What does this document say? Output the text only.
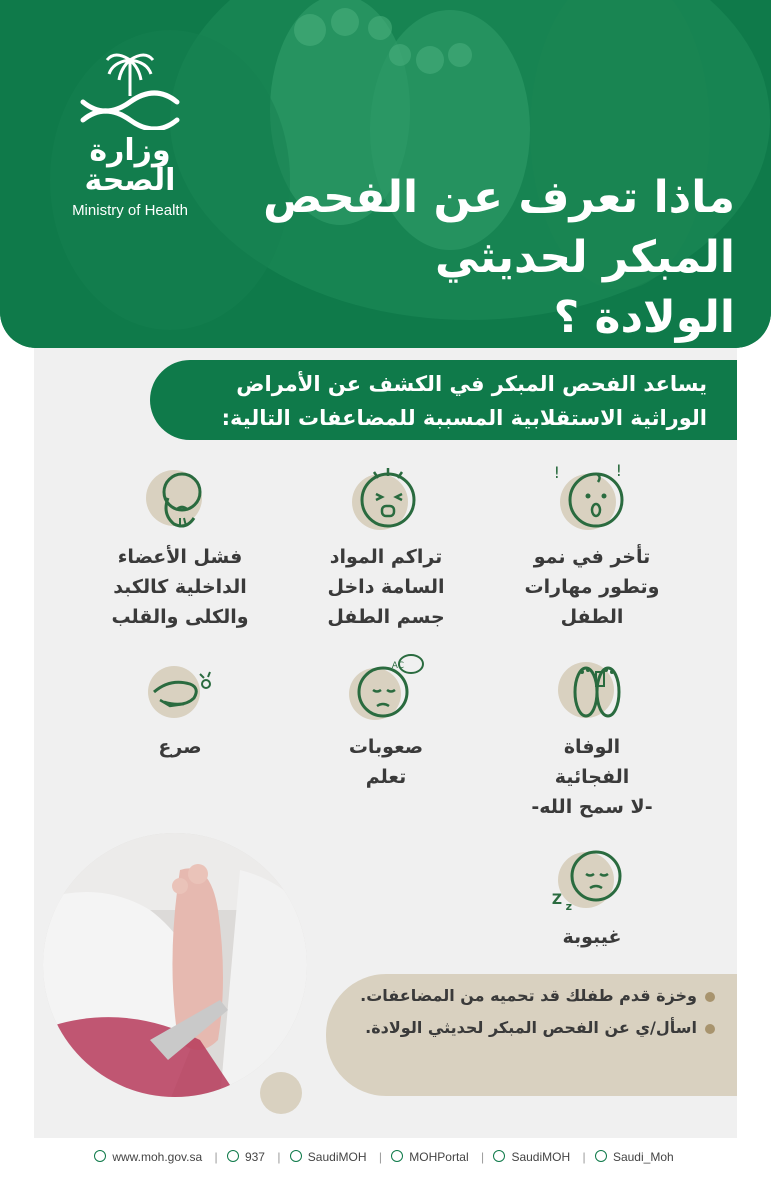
وزارة الصحة
Ministry of Health	ماذا تعرف عن الفحص
المبكر لحديثي
الولادة ؟
يساعد الفحص المبكر في الكشف عن الأمراض
الوراثية الاستقلابية المسببة للمضاعفات التالية:
!	!
تأخر في نمو
وتطور مهارات
الطفل
تراكم المواد
السامة داخل
جسم الطفل
فشل الأعضاء
الداخلية كالكبد
والكلى والقلب
الوفاة
الفجائية
-لا سمح الله-
AC
صعوبات
تعلم
صرع
Z z
غيبوبة
وخزة قدم طفلك قد تحميه من المضاعفات.
اسأل/ي عن الفحص المبكر لحديثي الولادة.
www.moh.gov.sa | 937 | SaudiMOH | MOHPortal | SaudiMOH | Saudi_Moh
